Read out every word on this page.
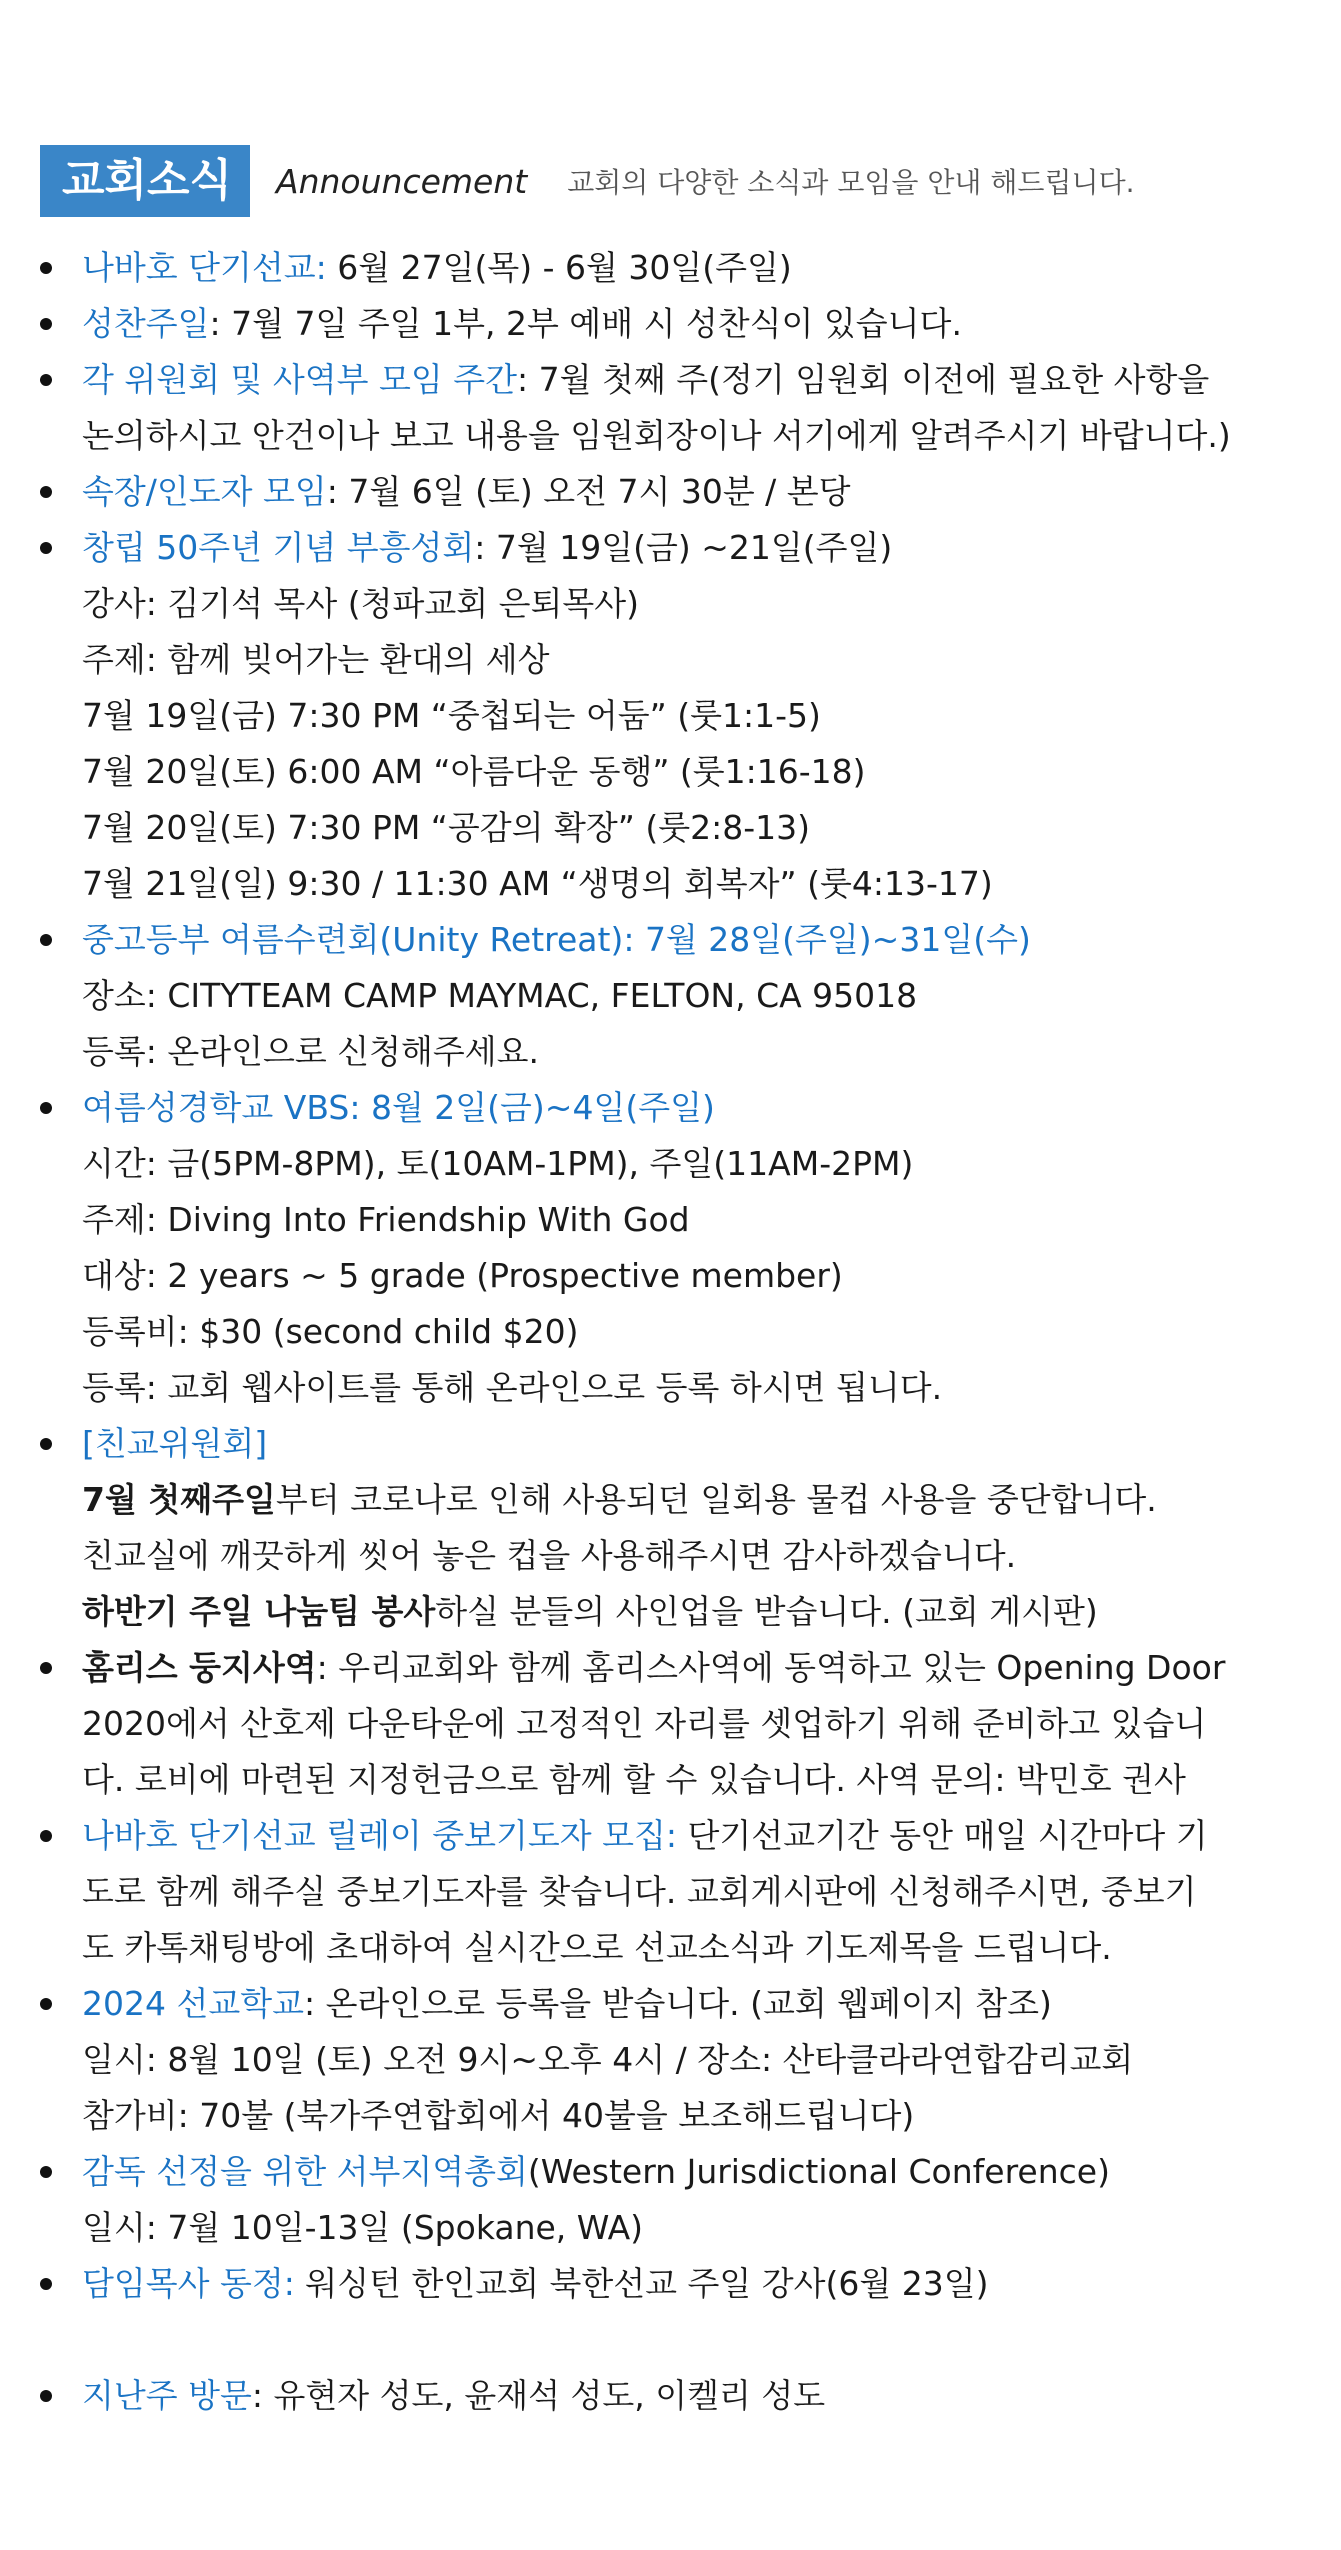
교회소식	Announcement 교회의 다양한 소식과 모임을 안내 해드립니다.
나바호 단기선교: 6월 27일(목) - 6월 30일(주일)
성찬주일: 7월 7일 주일 1부, 2부 예배 시 성찬식이 있습니다.
각 위원회 및 사역부 모임 주간: 7월 첫째 주(정기 임원회 이전에 필요한 사항을
논의하시고 안건이나 보고 내용을 임원회장이나 서기에게 알려주시기 바랍니다.)
속장/인도자 모임: 7월 6일 (토) 오전 7시 30분 / 본당
창립 50주년 기념 부흥성회: 7월 19일(금) ~21일(주일)
강사: 김기석 목사 (청파교회 은퇴목사)
주제: 함께 빚어가는 환대의 세상
7월 19일(금) 7:30 PM “중첩되는 어둠” (룻1:1-5)
7월 20일(토) 6:00 AM “아름다운 동행” (룻1:16-18)
7월 20일(토) 7:30 PM “공감의 확장” (룻2:8-13)
7월 21일(일) 9:30 / 11:30 AM “생명의 회복자” (룻4:13-17)
중고등부 여름수련회(Unity Retreat): 7월 28일(주일)~31일(수)
장소: CITYTEAM CAMP MAYMAC, FELTON, CA 95018
등록: 온라인으로 신청해주세요.
여름성경학교 VBS: 8월 2일(금)~4일(주일)
시간: 금(5PM-8PM), 토(10AM-1PM), 주일(11AM-2PM)
주제: Diving Into Friendship With God
대상: 2 years ~ 5 grade (Prospective member)
등록비: $30 (second child $20)
등록: 교회 웹사이트를 통해 온라인으로 등록 하시면 됩니다.
[친교위원회]
7월 첫째주일부터 코로나로 인해 사용되던 일회용 물컵 사용을 중단합니다.
친교실에 깨끗하게 씻어 놓은 컵을 사용해주시면 감사하겠습니다.
하반기 주일 나눔팀 봉사하실 분들의 사인업을 받습니다. (교회 게시판)
홈리스 둥지사역: 우리교회와 함께 홈리스사역에 동역하고 있는 Opening Door
2020에서 산호제 다운타운에 고정적인 자리를 셋업하기 위해 준비하고 있습니
다. 로비에 마련된 지정헌금으로 함께 할 수 있습니다. 사역 문의: 박민호 권사
나바호 단기선교 릴레이 중보기도자 모집: 단기선교기간 동안 매일 시간마다 기
도로 함께 해주실 중보기도자를 찾습니다. 교회게시판에 신청해주시면, 중보기
도 카톡채팅방에 초대하여 실시간으로 선교소식과 기도제목을 드립니다.
2024 선교학교: 온라인으로 등록을 받습니다. (교회 웹페이지 참조)
일시: 8월 10일 (토) 오전 9시~오후 4시 / 장소: 산타클라라연합감리교회
참가비: 70불 (북가주연합회에서 40불을 보조해드립니다)
감독 선정을 위한 서부지역총회(Western Jurisdictional Conference)
일시: 7월 10일-13일 (Spokane, WA)
담임목사 동정: 워싱턴 한인교회 북한선교 주일 강사(6월 23일)
지난주 방문: 유현자 성도, 윤재석 성도, 이켈리 성도
